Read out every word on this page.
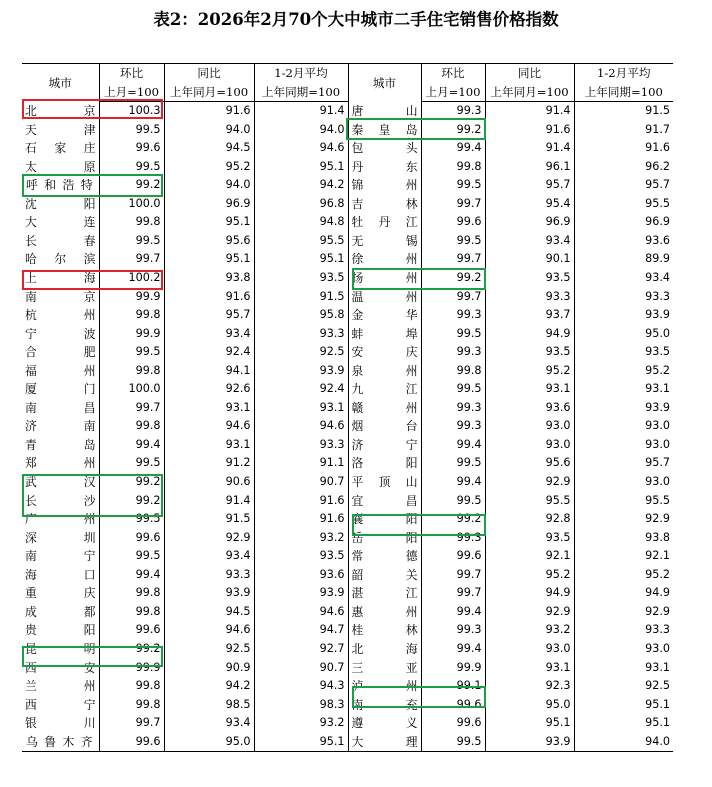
表2：2026年2月70个大中城市二手住宅销售价格指数
城市	环比	同比	1-2月平均	城市	环比	同比	1-2月平均
	上月=100	上年同月=100	上年同期=100		上月=100	上年同月=100	上年同期=100
北　京	100.3	91.6	91.4	唐　山	99.3	91.4	91.5
天　津	99.5	94.0	94.0	秦皇岛	99.2	91.6	91.7
石家庄	99.6	94.5	94.6	包　头	99.4	91.4	91.6
太　原	99.5	95.2	95.1	丹　东	99.8	96.1	96.2
呼和浩特	99.2	94.0	94.2	锦　州	99.5	95.7	95.7
沈　阳	100.0	96.9	96.8	吉　林	99.7	95.4	95.5
大　连	99.8	95.1	94.8	牡丹江	99.6	96.9	96.9
长　春	99.5	95.6	95.5	无　锡	99.5	93.4	93.6
哈尔滨	99.7	95.1	95.1	徐　州	99.7	90.1	89.9
上　海	100.2	93.8	93.5	扬　州	99.2	93.5	93.4
南　京	99.9	91.6	91.5	温　州	99.7	93.3	93.3
杭　州	99.8	95.7	95.8	金　华	99.3	93.7	93.9
宁　波	99.9	93.4	93.3	蚌　埠	99.5	94.9	95.0
合　肥	99.5	92.4	92.5	安　庆	99.3	93.5	93.5
福　州	99.8	94.1	93.9	泉　州	99.8	95.2	95.2
厦　门	100.0	92.6	92.4	九　江	99.5	93.1	93.1
南　昌	99.7	93.1	93.1	赣　州	99.3	93.6	93.9
济　南	99.8	94.6	94.6	烟　台	99.3	93.0	93.0
青　岛	99.4	93.1	93.3	济　宁	99.4	93.0	93.0
郑　州	99.5	91.2	91.1	洛　阳	99.5	95.6	95.7
武　汉	99.2	90.6	90.7	平顶山	99.4	92.9	93.0
长　沙	99.2	91.4	91.6	宜　昌	99.5	95.5	95.5
广　州	99.5	91.5	91.6	襄　阳	99.2	92.8	92.9
深　圳	99.6	92.9	93.2	岳　阳	99.3	93.5	93.8
南　宁	99.5	93.4	93.5	常　德	99.6	92.1	92.1
海　口	99.4	93.3	93.6	韶　关	99.7	95.2	95.2
重　庆	99.8	93.9	93.9	湛　江	99.7	94.9	94.9
成　都	99.8	94.5	94.6	惠　州	99.4	92.9	92.9
贵　阳	99.6	94.6	94.7	桂　林	99.3	93.2	93.3
昆　明	99.2	92.5	92.7	北　海	99.4	93.0	93.0
西　安	99.9	90.9	90.7	三　亚	99.9	93.1	93.1
兰　州	99.8	94.2	94.3	泸　州	99.1	92.3	92.5
西　宁	99.8	98.5	98.3	南　充	99.6	95.0	95.1
银　川	99.7	93.4	93.2	遵　义	99.6	95.1	95.1
乌鲁木齐	99.6	95.0	95.1	大　理	99.5	93.9	94.0
